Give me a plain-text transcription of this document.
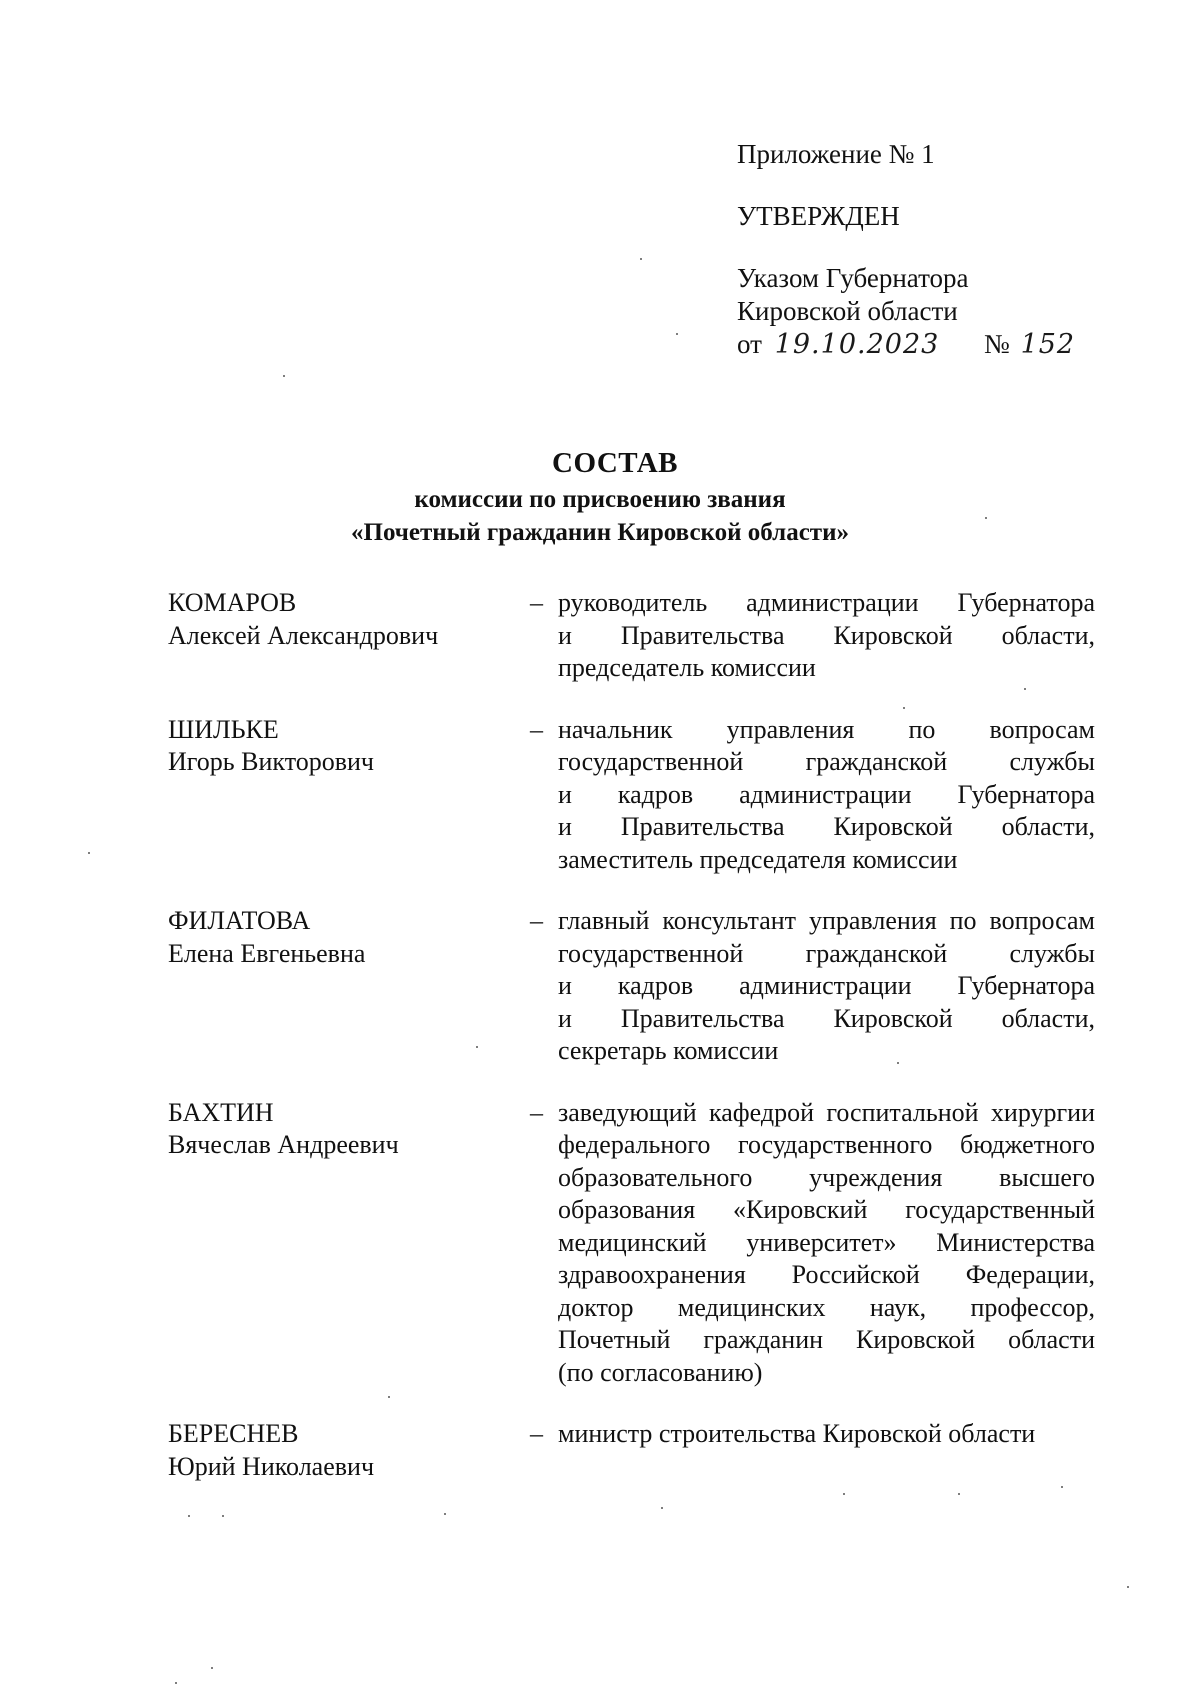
Приложение № 1
УТВЕРЖДЕН
Указом Губернатора
Кировской области
от 19.10.2023 № 152
СОСТАВ
комиссии по присвоению звания
«Почетный гражданин Кировской области»
КОМАРОВ
Алексей Александрович
– руководитель администрации Губернатора
и Правительства Кировской области,
председатель комиссии
ШИЛЬКЕ
Игорь Викторович
– начальник управления по вопросам
государственной гражданской службы
и кадров администрации Губернатора
и Правительства Кировской области,
заместитель председателя комиссии
ФИЛАТОВА
Елена Евгеньевна
– главный консультант управления по вопросам
государственной гражданской службы
и кадров администрации Губернатора
и Правительства Кировской области,
секретарь комиссии
БАХТИН
Вячеслав Андреевич
– заведующий кафедрой госпитальной хирургии
федерального государственного бюджетного
образовательного учреждения высшего
образования «Кировский государственный
медицинский университет» Министерства
здравоохранения Российской Федерации,
доктор медицинских наук, профессор,
Почетный гражданин Кировской области
(по согласованию)
БЕРЕСНЕВ
Юрий Николаевич
– министр строительства Кировской области
